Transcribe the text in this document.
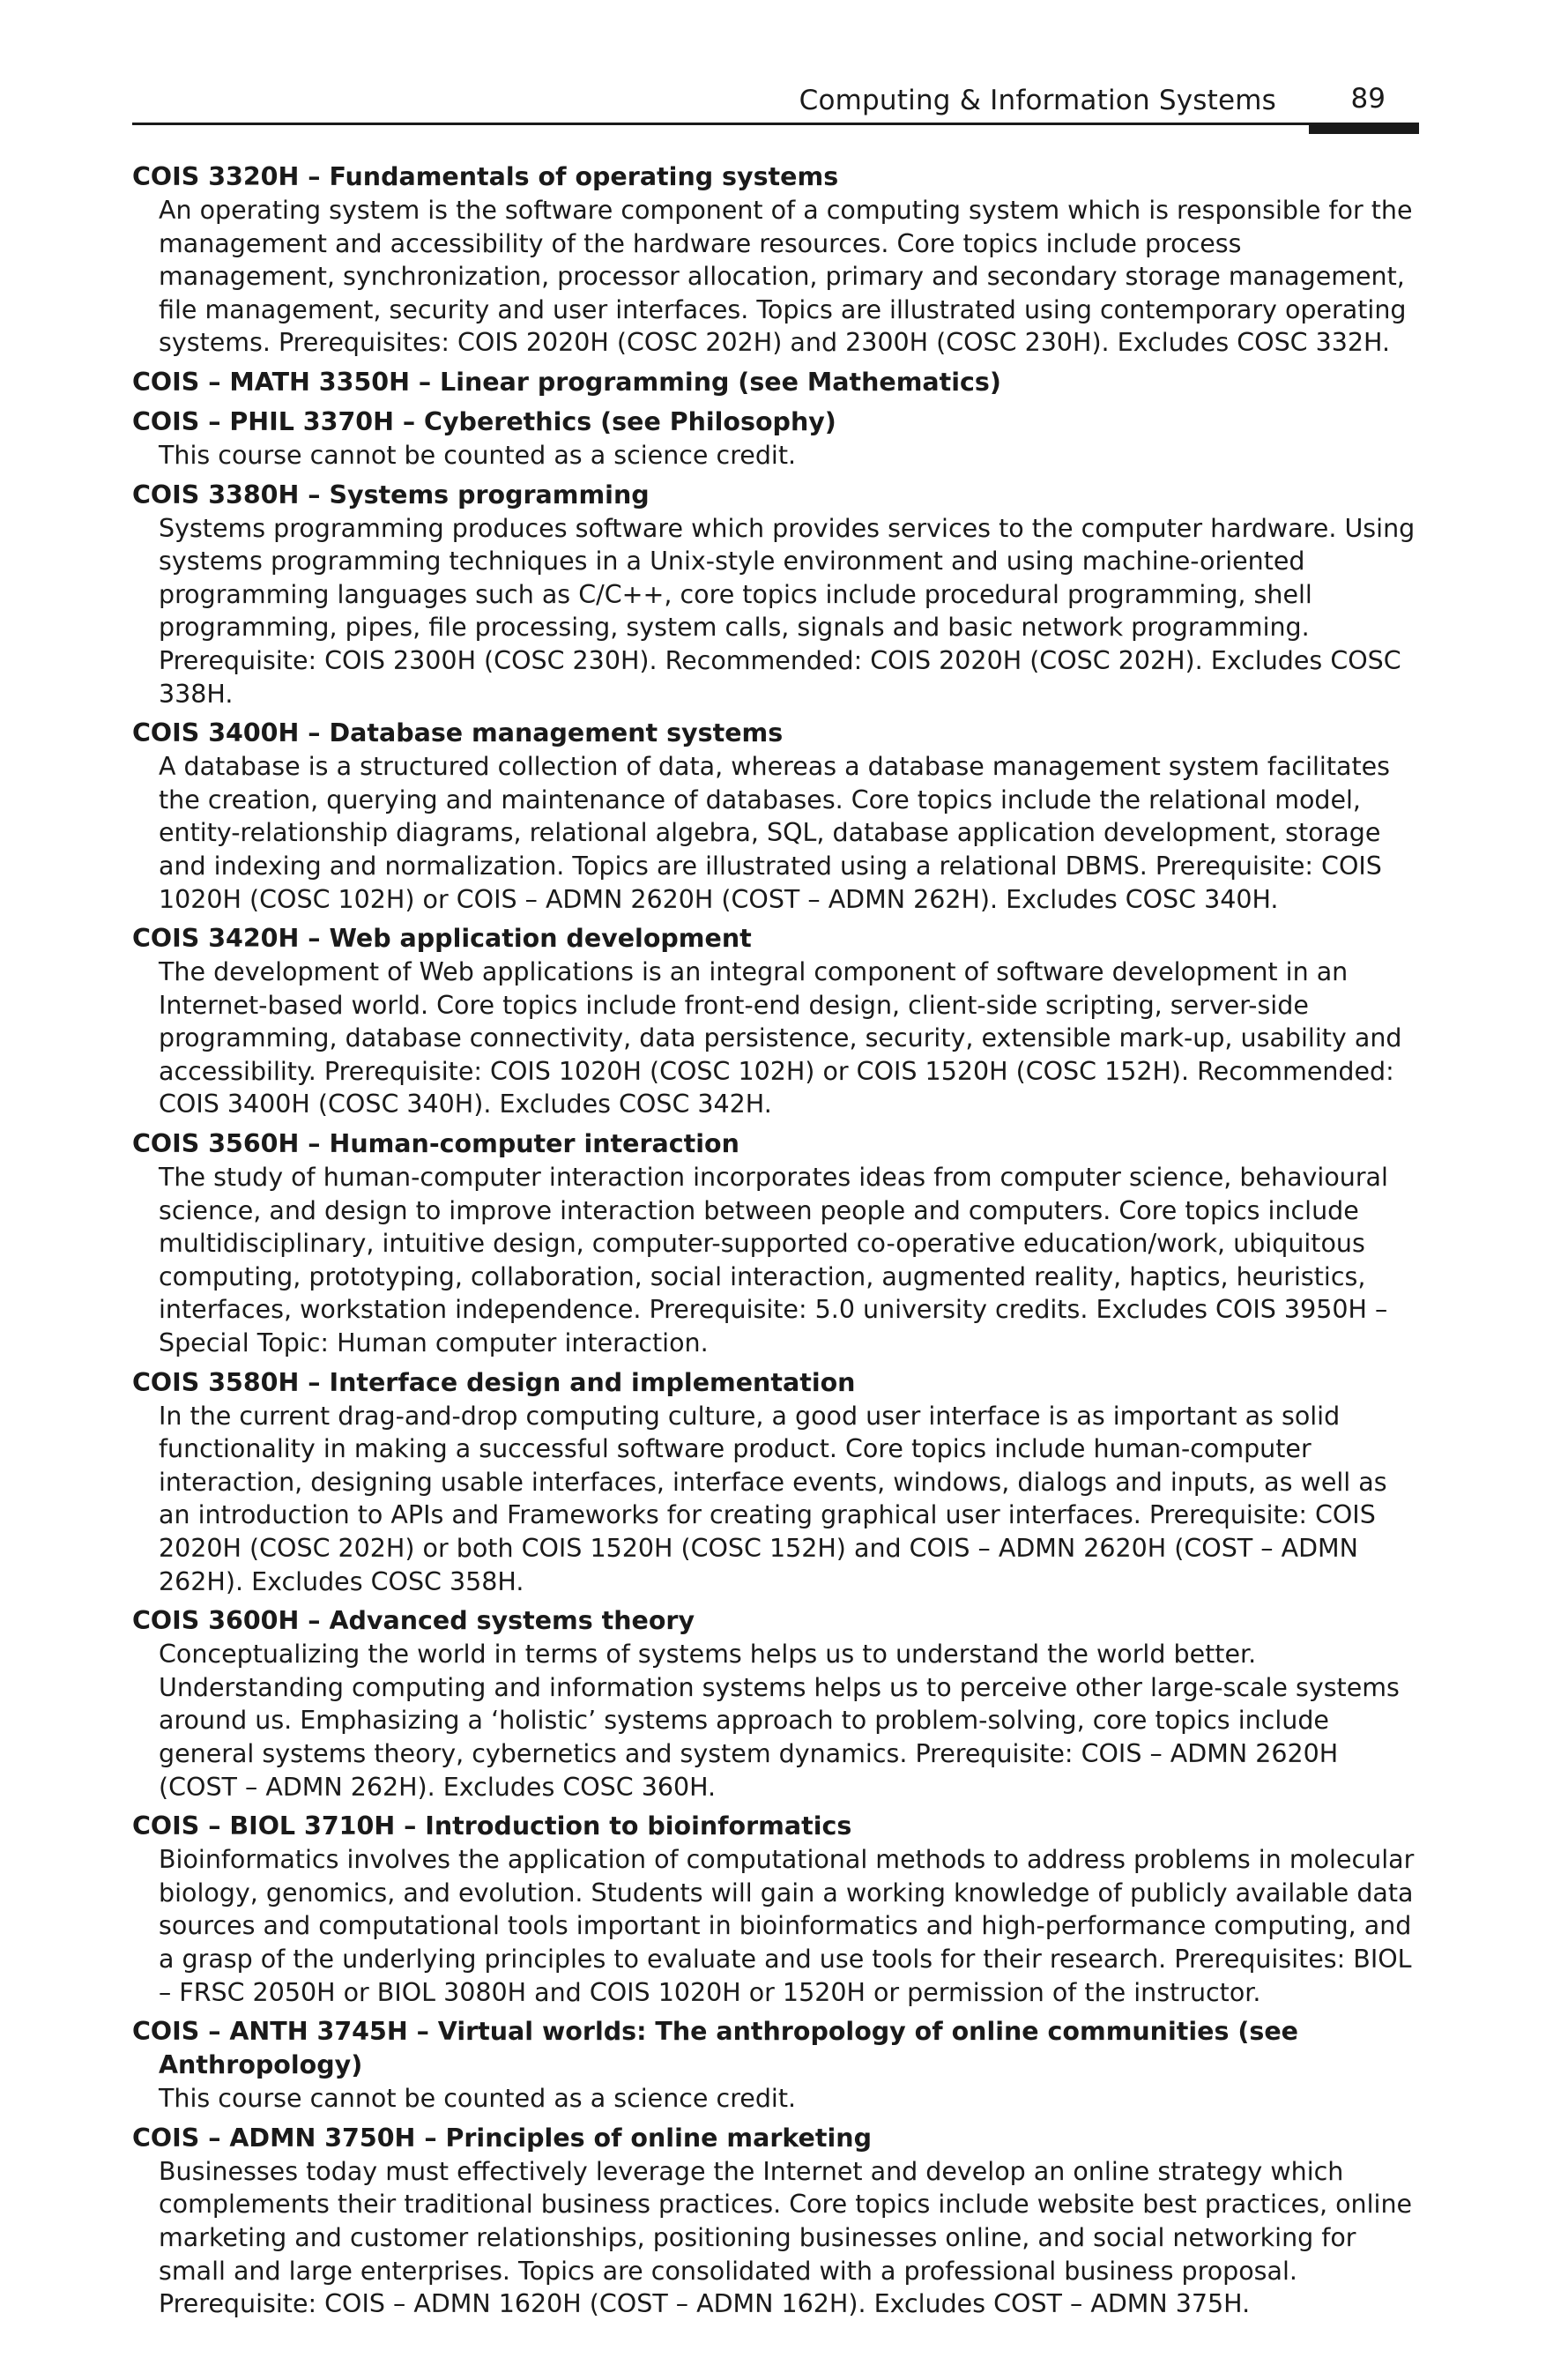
Computing & Information Systems	89
COIS 3320H – Fundamentals of operating systems
An operating system is the software component of a computing system which is responsible for the management and accessibility of the hardware resources. Core topics include process management, synchronization, processor allocation, primary and secondary storage management, file management, security and user interfaces. Topics are illustrated using contemporary operating systems. Prerequisites: COIS 2020H (COSC 202H) and 2300H (COSC 230H). Excludes COSC 332H.
COIS – MATH 3350H – Linear programming (see Mathematics)
COIS – PHIL 3370H – Cyberethics (see Philosophy)
This course cannot be counted as a science credit.
COIS 3380H – Systems programming
Systems programming produces software which provides services to the computer hardware. Using systems programming techniques in a Unix-style environment and using machine-oriented programming languages such as C/C++, core topics include procedural programming, shell programming, pipes, file processing, system calls, signals and basic network programming. Prerequisite: COIS 2300H (COSC 230H). Recommended: COIS 2020H (COSC 202H). Excludes COSC 338H.
COIS 3400H – Database management systems
A database is a structured collection of data, whereas a database management system facilitates the creation, querying and maintenance of databases. Core topics include the relational model, entity-relationship diagrams, relational algebra, SQL, database application development, storage and indexing and normalization. Topics are illustrated using a relational DBMS. Prerequisite: COIS 1020H (COSC 102H) or COIS – ADMN 2620H (COST – ADMN 262H). Excludes COSC 340H.
COIS 3420H – Web application development
The development of Web applications is an integral component of software development in an Internet-based world. Core topics include front-end design, client-side scripting, server-side programming, database connectivity, data persistence, security, extensible mark-up, usability and accessibility. Prerequisite: COIS 1020H (COSC 102H) or COIS 1520H (COSC 152H). Recommended: COIS 3400H (COSC 340H). Excludes COSC 342H.
COIS 3560H – Human-computer interaction
The study of human-computer interaction incorporates ideas from computer science, behavioural science, and design to improve interaction between people and computers. Core topics include multidisciplinary, intuitive design, computer-supported co-operative education/work, ubiquitous computing, prototyping, collaboration, social interaction, augmented reality, haptics, heuristics, interfaces, workstation independence. Prerequisite: 5.0 university credits. Excludes COIS 3950H – Special Topic: Human computer interaction.
COIS 3580H – Interface design and implementation
In the current drag-and-drop computing culture, a good user interface is as important as solid functionality in making a successful software product. Core topics include human-computer interaction, designing usable interfaces, interface events, windows, dialogs and inputs, as well as an introduction to APIs and Frameworks for creating graphical user interfaces. Prerequisite: COIS 2020H (COSC 202H) or both COIS 1520H (COSC 152H) and COIS – ADMN 2620H (COST – ADMN 262H). Excludes COSC 358H.
COIS 3600H – Advanced systems theory
Conceptualizing the world in terms of systems helps us to understand the world better. Understanding computing and information systems helps us to perceive other large-scale systems around us. Emphasizing a ‘holistic’ systems approach to problem-solving, core topics include general systems theory, cybernetics and system dynamics. Prerequisite: COIS – ADMN 2620H (COST – ADMN 262H). Excludes COSC 360H.
COIS – BIOL 3710H – Introduction to bioinformatics
Bioinformatics involves the application of computational methods to address problems in molecular biology, genomics, and evolution. Students will gain a working knowledge of publicly available data sources and computational tools important in bioinformatics and high-performance computing, and a grasp of the underlying principles to evaluate and use tools for their research. Prerequisites: BIOL – FRSC 2050H or BIOL 3080H and COIS 1020H or 1520H or permission of the instructor.
COIS – ANTH 3745H – Virtual worlds: The anthropology of online communities (see Anthropology)
This course cannot be counted as a science credit.
COIS – ADMN 3750H – Principles of online marketing
Businesses today must effectively leverage the Internet and develop an online strategy which complements their traditional business practices. Core topics include website best practices, online marketing and customer relationships, positioning businesses online, and social networking for small and large enterprises. Topics are consolidated with a professional business proposal. Prerequisite: COIS – ADMN 1620H (COST – ADMN 162H). Excludes COST – ADMN 375H.
